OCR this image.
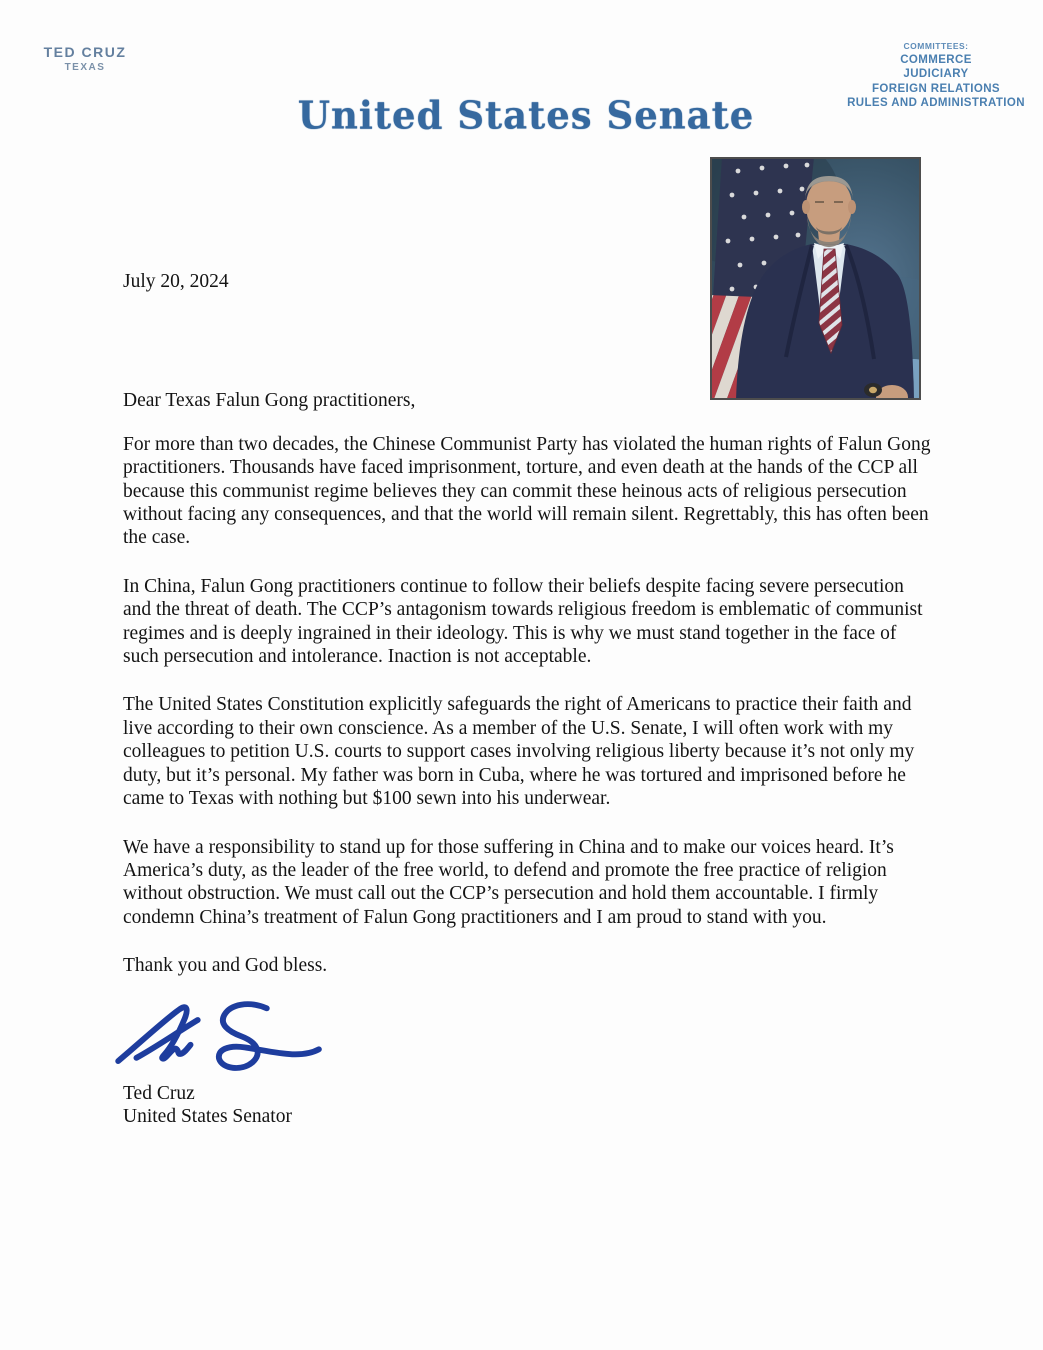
TED CRUZ
TEXAS
United States Senate
COMMITTEES:
COMMERCE
JUDICIARY
FOREIGN RELATIONS
RULES AND ADMINISTRATION

July 20, 2024

Dear Texas Falun Gong practitioners,

For more than two decades, the Chinese Communist Party has violated the human rights of Falun Gong practitioners. Thousands have faced imprisonment, torture, and even death at the hands of the CCP all because this communist regime believes they can commit these heinous acts of religious persecution without facing any consequences, and that the world will remain silent. Regrettably, this has often been the case.

In China, Falun Gong practitioners continue to follow their beliefs despite facing severe persecution and the threat of death. The CCP’s antagonism towards religious freedom is emblematic of communist regimes and is deeply ingrained in their ideology. This is why we must stand together in the face of such persecution and intolerance. Inaction is not acceptable.

The United States Constitution explicitly safeguards the right of Americans to practice their faith and live according to their own conscience. As a member of the U.S. Senate, I will often work with my colleagues to petition U.S. courts to support cases involving religious liberty because it’s not only my duty, but it’s personal. My father was born in Cuba, where he was tortured and imprisoned before he came to Texas with nothing but $100 sewn into his underwear.

We have a responsibility to stand up for those suffering in China and to make our voices heard. It’s America’s duty, as the leader of the free world, to defend and promote the free practice of religion without obstruction. We must call out the CCP’s persecution and hold them accountable. I firmly condemn China’s treatment of Falun Gong practitioners and I am proud to stand with you.

Thank you and God bless.

Ted Cruz

United States Senator
